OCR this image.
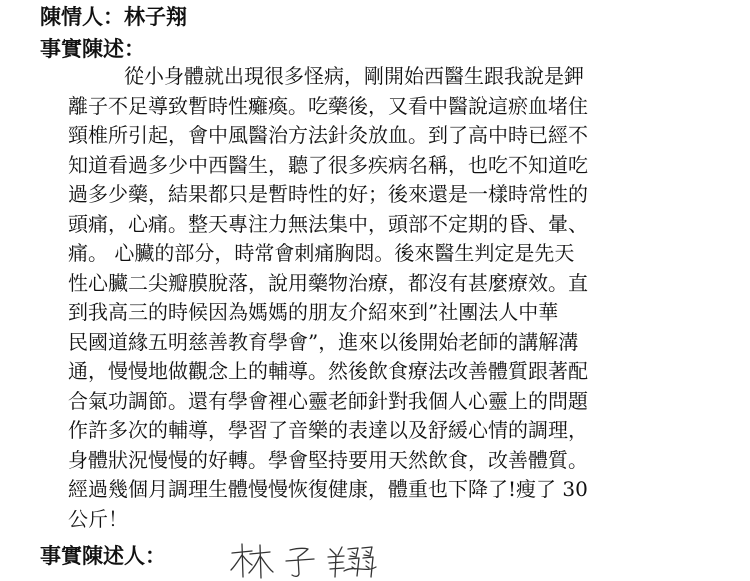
陳情人：林子翔
事實陳述：
從小身體就出現很多怪病，剛開始西醫生跟我說是鉀
離子不足導致暫時性癱瘓。吃藥後，又看中醫說這瘀血堵住
頸椎所引起，會中風醫治方法針灸放血。到了高中時已經不
知道看過多少中西醫生，聽了很多疾病名稱，也吃不知道吃
過多少藥，結果都只是暫時性的好；後來還是一樣時常性的
頭痛，心痛。整天專注力無法集中，頭部不定期的昏、暈、
痛。 心臟的部分，時常會刺痛胸悶。後來醫生判定是先天
性心臟二尖瓣膜脫落，說用藥物治療，都沒有甚麼療效。直
到我高三的時候因為媽媽的朋友介紹來到”社團法人中華
民國道緣五明慈善教育學會”，進來以後開始老師的講解溝
通，慢慢地做觀念上的輔導。然後飲食療法改善體質跟著配
合氣功調節。還有學會裡心靈老師針對我個人心靈上的問題
作許多次的輔導，學習了音樂的表達以及舒緩心情的調理，
身體狀況慢慢的好轉。學會堅持要用天然飲食，改善體質。
經過幾個月調理生體慢慢恢復健康，體重也下降了!瘦了 30
公斤！
事實陳述人：
